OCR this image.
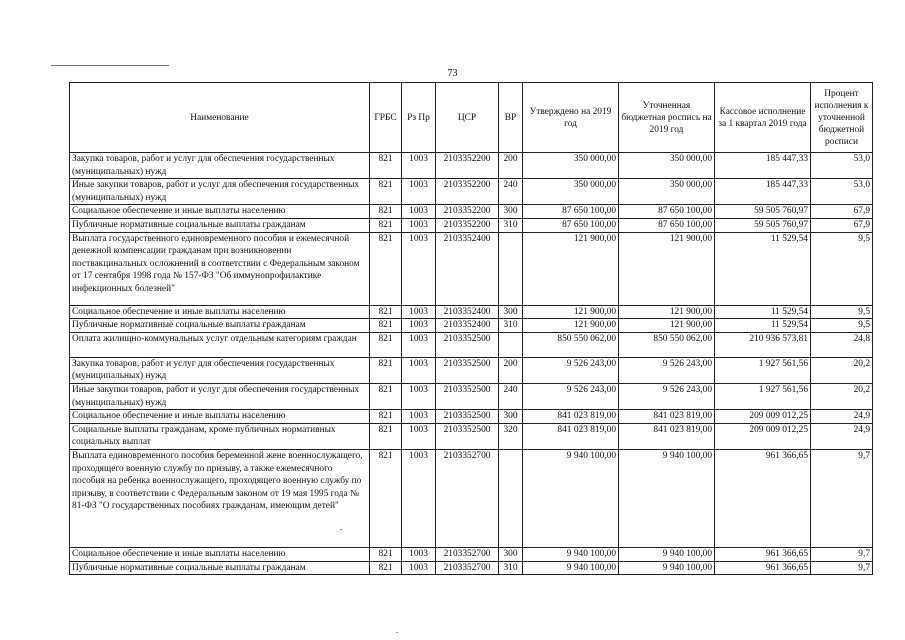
73
Наименование	ГРБС	Рз Пр	ЦСР	ВР	Утверждено на 2019 год	Уточненная бюджетная роспись на 2019 год	Кассовое исполнение за 1 квартал 2019 года	Процент исполнения к уточненной бюджетной росписи
Закупка товаров, работ и услуг для обеспечения государственных (муниципальных) нужд	821	1003	2103352200	200	350 000,00	350 000,00	185 447,33	53,0
Иные закупки товаров, работ и услуг для обеспечения государственных (муниципальных) нужд	821	1003	2103352200	240	350 000,00	350 000,00	185 447,33	53,0
Социальное обеспечение и иные выплаты населению	821	1003	2103352200	300	87 650 100,00	87 650 100,00	59 505 760,97	67,9
Публичные нормативные социальные выплаты гражданам	821	1003	2103352200	310	87 650 100,00	87 650 100,00	59 505 760,97	67,9
Выплата государственного единовременного пособия и ежемесячной денежной компенсации гражданам при возникновении поствакцинальных осложнений в соответствии с Федеральным законом от 17 сентября 1998 года № 157-ФЗ "Об иммунопрофилактике инфекционных болезней"	821	1003	2103352400		121 900,00	121 900,00	11 529,54	9,5
Социальное обеспечение и иные выплаты населению	821	1003	2103352400	300	121 900,00	121 900,00	11 529,54	9,5
Публичные нормативные социальные выплаты гражданам	821	1003	2103352400	310	121 900,00	121 900,00	11 529,54	9,5
Оплата жилищно-коммунальных услуг отдельным категориям граждан	821	1003	2103352500		850 550 062,00	850 550 062,00	210 936 573,81	24,8
Закупка товаров, работ и услуг для обеспечения государственных (муниципальных) нужд	821	1003	2103352500	200	9 526 243,00	9 526 243,00	1 927 561,56	20,2
Иные закупки товаров, работ и услуг для обеспечения государственных (муниципальных) нужд	821	1003	2103352500	240	9 526 243,00	9 526 243,00	1 927 561,56	20,2
Социальное обеспечение и иные выплаты населению	821	1003	2103352500	300	841 023 819,00	841 023 819,00	209 009 012,25	24,9
Социальные выплаты гражданам, кроме публичных нормативных социальных выплат	821	1003	2103352500	320	841 023 819,00	841 023 819,00	209 009 012,25	24,9
Выплата единовременного пособия беременной жене военнослужащего, проходящего военную службу по призыву, а также ежемесячного пособия на ребенка военнослужащего, проходящего военную службу по призыву, в соответствии с Федеральным законом от 19 мая 1995 года № 81-ФЗ "О государственных пособиях гражданам, имеющим детей"	821	1003	2103352700		9 940 100,00	9 940 100,00	961 366,65	9,7
Социальное обеспечение и иные выплаты населению	821	1003	2103352700	300	9 940 100,00	9 940 100,00	961 366,65	9,7
Публичные нормативные социальные выплаты гражданам	821	1003	2103352700	310	9 940 100,00	9 940 100,00	961 366,65	9,7
